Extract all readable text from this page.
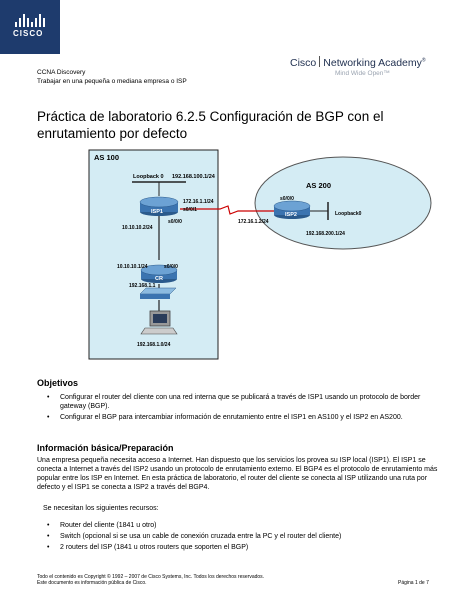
CISCO
CCNA Discovery
Trabajar en una pequeña o mediana empresa o ISP
Cisco Networking Academy®
Mind Wide Open™
Práctica de laboratorio 6.2.5 Configuración de BGP con el enrutamiento por defecto
AS 100
AS 200
Loopback 0 192.168.100.1/24
ISP1	ISP2
CR
172.16.1.1/24
s0/0/1
s0/0/0
10.10.10.2/24
s0/0/0
172.16.1.2/24
Loopback0
192.168.200.1/24
10.10.10.1/24	s0/0/0
192.168.1.1
192.168.1.0/24
Objetivos
• Configurar el router del cliente con una red interna que se publicará a través de ISP1 usando un protocolo de border gateway (BGP).
• Configurar el BGP para intercambiar información de enrutamiento entre el ISP1 en AS100 y el ISP2 en AS200.
Información básica/Preparación
Una empresa pequeña necesita acceso a Internet. Han dispuesto que los servicios los provea su ISP local (ISP1). El ISP1 se conecta a Internet a través del ISP2 usando un protocolo de enrutamiento externo. El BGP4 es el protocolo de enrutamiento más popular entre los ISP en Internet. En esta práctica de laboratorio, el router del cliente se conecta al ISP utilizando una ruta por defecto y el ISP1 se conecta a ISP2 a través del BGP4.
Se necesitan los siguientes recursos:
• Router del cliente (1841 u otro)
• Switch (opcional si se usa un cable de conexión cruzada entre la PC y el router del cliente)
• 2 routers del ISP (1841 u otros routers que soporten el BGP)
Todo el contenido es Copyright © 1992 – 2007 de Cisco Systems, Inc. Todos los derechos reservados.
Este documento es información pública de Cisco.	Página 1 de 7
